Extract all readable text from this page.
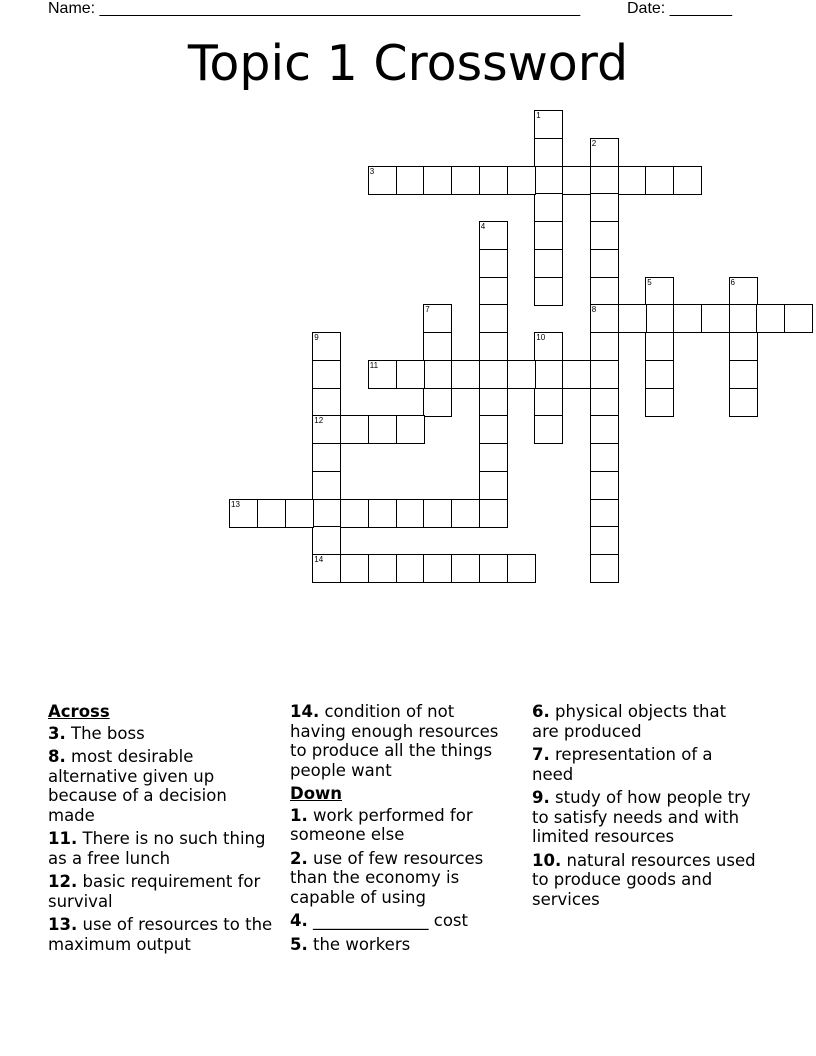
Name: ______________________________________________________	Date: _______
Topic 1 Crossword
1
2
8
3
4
5	6
7
9
12
14
10
11
13
Across
3. The boss
8. most desirable alternative given up because of a decision made
11. There is no such thing as a free lunch
12. basic requirement for survival
13. use of resources to the maximum output
14. condition of not having enough resources to produce all the things people want
Down
1. work performed for someone else
2. use of few resources than the economy is capable of using
4. ______________ cost
5. the workers
6. physical objects that are produced
7. representation of a need
9. study of how people try to satisfy needs and with limited resources
10. natural resources used to produce goods and services
